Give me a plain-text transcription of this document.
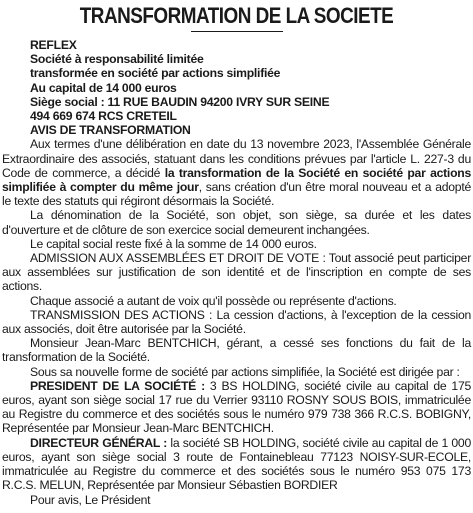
TRANSFORMATION DE LA SOCIETE
REFLEX
Société à responsabilité limitée
transformée en société par actions simplifiée
Au capital de 14 000 euros
Siège social : 11 RUE BAUDIN 94200 IVRY SUR SEINE
494 669 674 RCS CRETEIL
AVIS DE TRANSFORMATION

Aux termes d'une délibération en date du 13 novembre 2023, l'Assemblée Générale Extraordinaire des associés, statuant dans les conditions prévues par l'article L. 227-3 du Code de commerce, a décidé la transformation de la Société en société par actions simplifiée à compter du même jour, sans création d'un être moral nouveau et a adopté le texte des statuts qui régiront désormais la Société.

La dénomination de la Société, son objet, son siège, sa durée et les dates d'ouverture et de clôture de son exercice social demeurent inchangées.

Le capital social reste fixé à la somme de 14 000 euros.

ADMISSION AUX ASSEMBLÉES ET DROIT DE VOTE : Tout associé peut participer aux assemblées sur justification de son identité et de l'inscription en compte de ses actions.

Chaque associé a autant de voix qu'il possède ou représente d'actions.

TRANSMISSION DES ACTIONS : La cession d'actions, à l'exception de la cession aux associés, doit être autorisée par la Société.

Monsieur Jean-Marc BENTCHICH, gérant, a cessé ses fonctions du fait de la transformation de la Société.

Sous sa nouvelle forme de société par actions simplifiée, la Société est dirigée par :

PRESIDENT DE LA SOCIÉTÉ : 3 BS HOLDING, société civile au capital de 175 euros, ayant son siège social 17 rue du Verrier 93110 ROSNY SOUS BOIS, immatriculée au Registre du commerce et des sociétés sous le numéro 979 738 366 R.C.S. BOBIGNY, Représentée par Monsieur Jean-Marc BENTCHICH.

DIRECTEUR GÉNÉRAL : la société SB HOLDING, société civile au capital de 1 000 euros, ayant son siège social 3 route de Fontainebleau 77123 NOISY-SUR-ECOLE, immatriculée au Registre du commerce et des sociétés sous le numéro 953 075 173 R.C.S. MELUN, Représentée par Monsieur Sébastien BORDIER

Pour avis, Le Président
